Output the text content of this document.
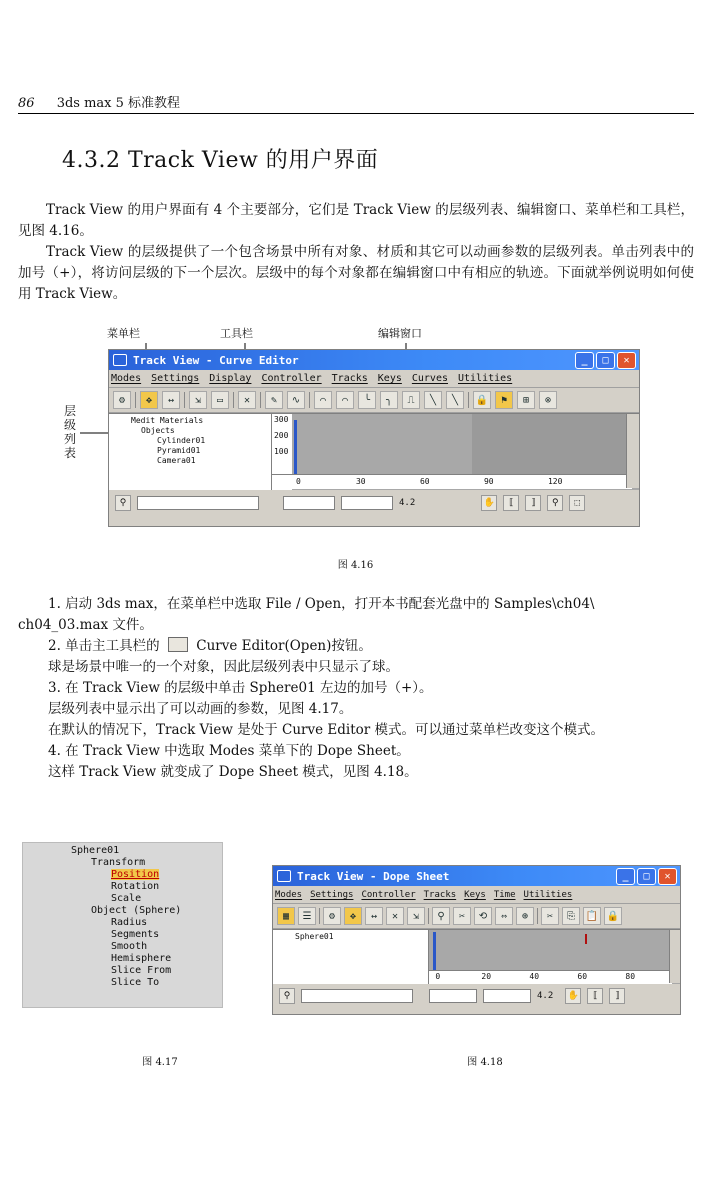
86 3ds max 5 标准教程
4.3.2 Track View 的用户界面
Track View 的用户界面有 4 个主要部分，它们是 Track View 的层级列表、编辑窗口、菜单栏和工具栏，见图 4.16。
Track View 的层级提供了一个包含场景中所有对象、材质和其它可以动画参数的层级列表。单击列表中的加号（+），将访问层级的下一个层次。层级中的每个对象都在编辑窗口中有相应的轨迹。下面就举例说明如何使用 Track View。
菜单栏	工具栏	编辑窗口
层级列表
Track View - Curve Editor	_	□	✕
Modes Settings Display Controller Tracks Keys Curves Utilities
⚙	✥	↔	⇲	▭	✕	✎	∿	⌒	⌒	╰	╮	⎍	╲	╲	🔒	⚑	⊞	⊗
Medit Materials
Objects
Cylinder01
Pyramid01
Camera01
300
200
100
0	30	60	90	120
⚲	4.2	✋	⟦	⟧	⚲	⬚
图 4.16
1. 启动 3ds max，在菜单栏中选取 File / Open，打开本书配套光盘中的 Samples\ch04\
ch04_03.max 文件。
2. 单击主工具栏的	Curve Editor(Open)按钮。
球是场景中唯一的一个对象，因此层级列表中只显示了球。
3. 在 Track View 的层级中单击 Sphere01 左边的加号（+）。
层级列表中显示出了可以动画的参数，见图 4.17。
在默认的情况下，Track View 是处于 Curve Editor 模式。可以通过菜单栏改变这个模式。
4. 在 Track View 中选取 Modes 菜单下的 Dope Sheet。
这样 Track View 就变成了 Dope Sheet 模式，见图 4.18。
Sphere01
Transform
Position
Rotation
Scale
Object (Sphere)
Radius
Segments
Smooth
Hemisphere
Slice From
Slice To
图 4.17
Track View - Dope Sheet	_	□	✕
Modes Settings Controller Tracks Keys Time Utilities
▦	☰	⚙	✥	↔	✕	⇲	⚲	✂	⟲	⇔	⊕	✂	⎘	📋 🔒
Sphere01
0	20	40	60	80
⚲	4.2 ✋	⟦	⟧
图 4.18
